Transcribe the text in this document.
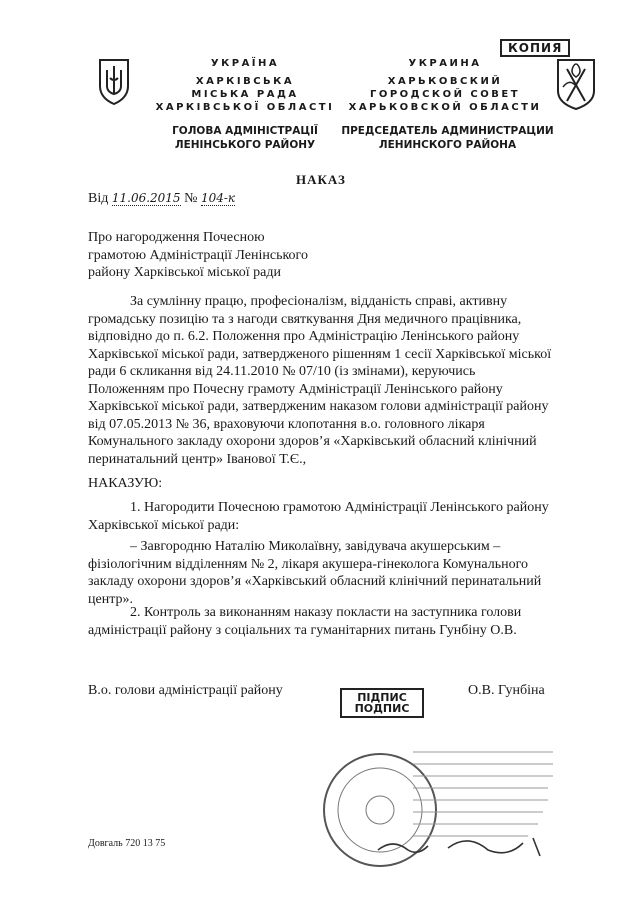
УКРАЇНА
ХАРКІВСЬКА
МІСЬКА РАДА
ХАРКІВСЬКОЇ ОБЛАСТІ
ГОЛОВА АДМІНІСТРАЦІЇ
ЛЕНІНСЬКОГО РАЙОНУ
КОПИЯ
УКРАИНА
ХАРЬКОВСКИЙ
ГОРОДСКОЙ СОВЕТ
ХАРЬКОВСКОЙ ОБЛАСТИ
ПРЕДСЕДАТЕЛЬ АДМИНИСТРАЦИИ
ЛЕНИНСКОГО РАЙОНА
НАКАЗ
Від 11.06.2015 № 104-к
Про нагородження Почесною
грамотою Адміністрації Ленінського
району Харківської міської ради
За сумлінну працю, професіоналізм, відданість справі, активну
громадську позицію та з нагоди святкування Дня медичного працівника,
відповідно до п. 6.2. Положення про Адміністрацію Ленінського району
Харківської міської ради, затвердженого рішенням 1 сесії Харківської міської
ради 6 скликання від 24.11.2010 № 07/10 (із змінами), керуючись
Положенням про Почесну грамоту Адміністрації Ленінського району
Харківської міської ради, затвердженим наказом голови адміністрації району
від 07.05.2013 № 36, враховуючи клопотання в.о. головного лікаря
Комунального закладу охорони здоров’я «Харківський обласний клінічний
перинатальний центр» Іванової Т.Є.,
НАКАЗУЮ:
1. Нагородити Почесною грамотою Адміністрації Ленінського району
Харківської міської ради:
– Завгородню Наталію Миколаївну, завідувача акушерським –
фізіологічним відділенням № 2, лікаря акушера-гінеколога Комунального
закладу охорони здоров’я «Харківський обласний клінічний перинатальний
центр».
2. Контроль за виконанням наказу покласти на заступника голови
адміністрації району з соціальних та гуманітарних питань Гунбіну О.В.
В.о. голови адміністрації району	ПІДПИС
ПОДПИС
О.В. Гунбіна
Довгаль 720 13 75
